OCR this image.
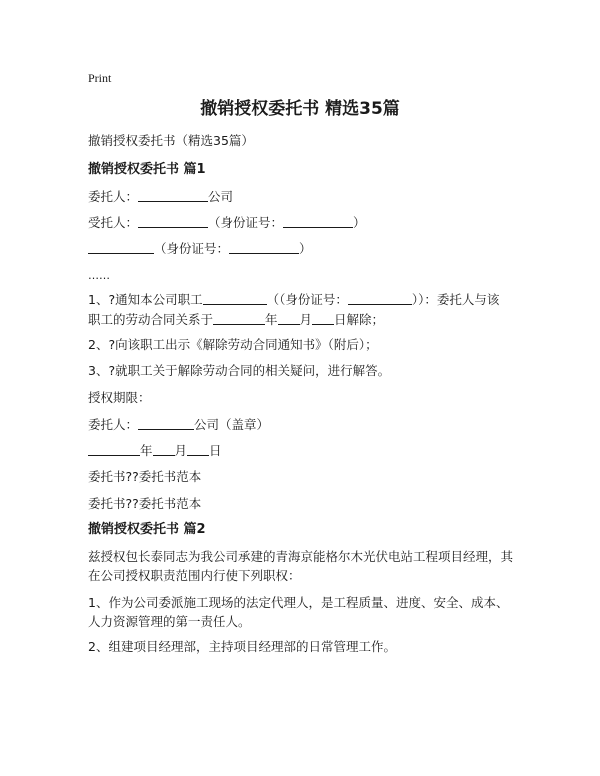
Print
撤销授权委托书 精选35篇
撤销授权委托书（精选35篇）
撤销授权委托书 篇1
委托人：	公司
受托人：	（身份证号：	）
（身份证号：	）
……
1、?通知本公司职工	（（身份证号：	））：委托人与该
职工的劳动合同关系于	年 月 日解除；
2、?向该职工出示《解除劳动合同通知书》（附后）；
3、?就职工关于解除劳动合同的相关疑问，进行解答。
授权期限：
委托人：	公司（盖章）
年 月 日
委托书??委托书范本
委托书??委托书范本
撤销授权委托书 篇2
兹授权包长泰同志为我公司承建的青海京能格尔木光伏电站工程项目经理，其在公司授权职责范围内行使下列职权：
1、作为公司委派施工现场的法定代理人，是工程质量、进度、安全、成本、人力资源管理的第一责任人。
2、组建项目经理部，主持项目经理部的日常管理工作。
